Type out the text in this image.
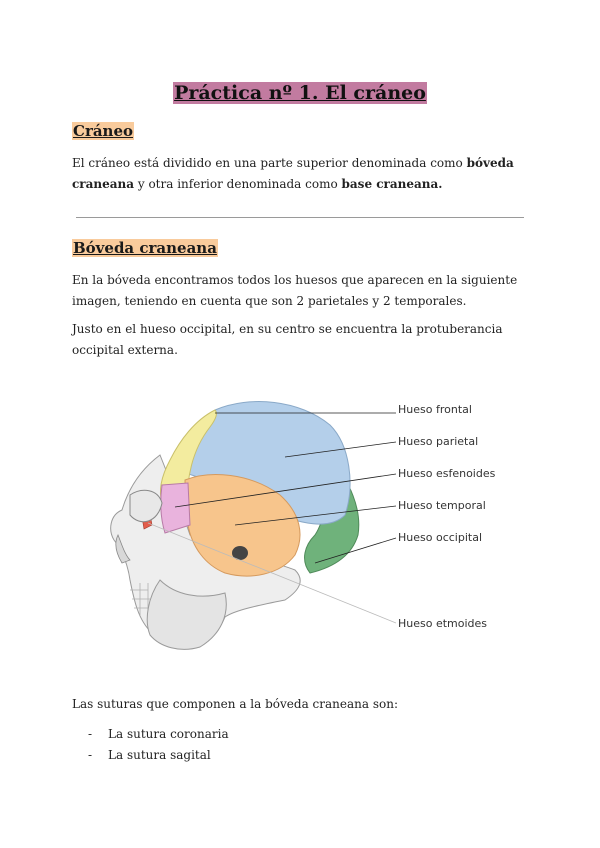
Práctica nº 1. El cráneo
Cráneo

El cráneo está dividido en una parte superior denominada como bóveda craneana y otra inferior denominada como base craneana.

Bóveda craneana

En la bóveda encontramos todos los huesos que aparecen en la siguiente imagen, teniendo en cuenta que son 2 parietales y 2 temporales.

Justo en el hueso occipital, en su centro se encuentra la protuberancia occipital externa.

Hueso frontal
Hueso parietal
Hueso esfenoides
Hueso temporal
Hueso occipital
Hueso etmoides

Las suturas que componen a la bóveda craneana son:

- La sutura coronaria
- La sutura sagital
